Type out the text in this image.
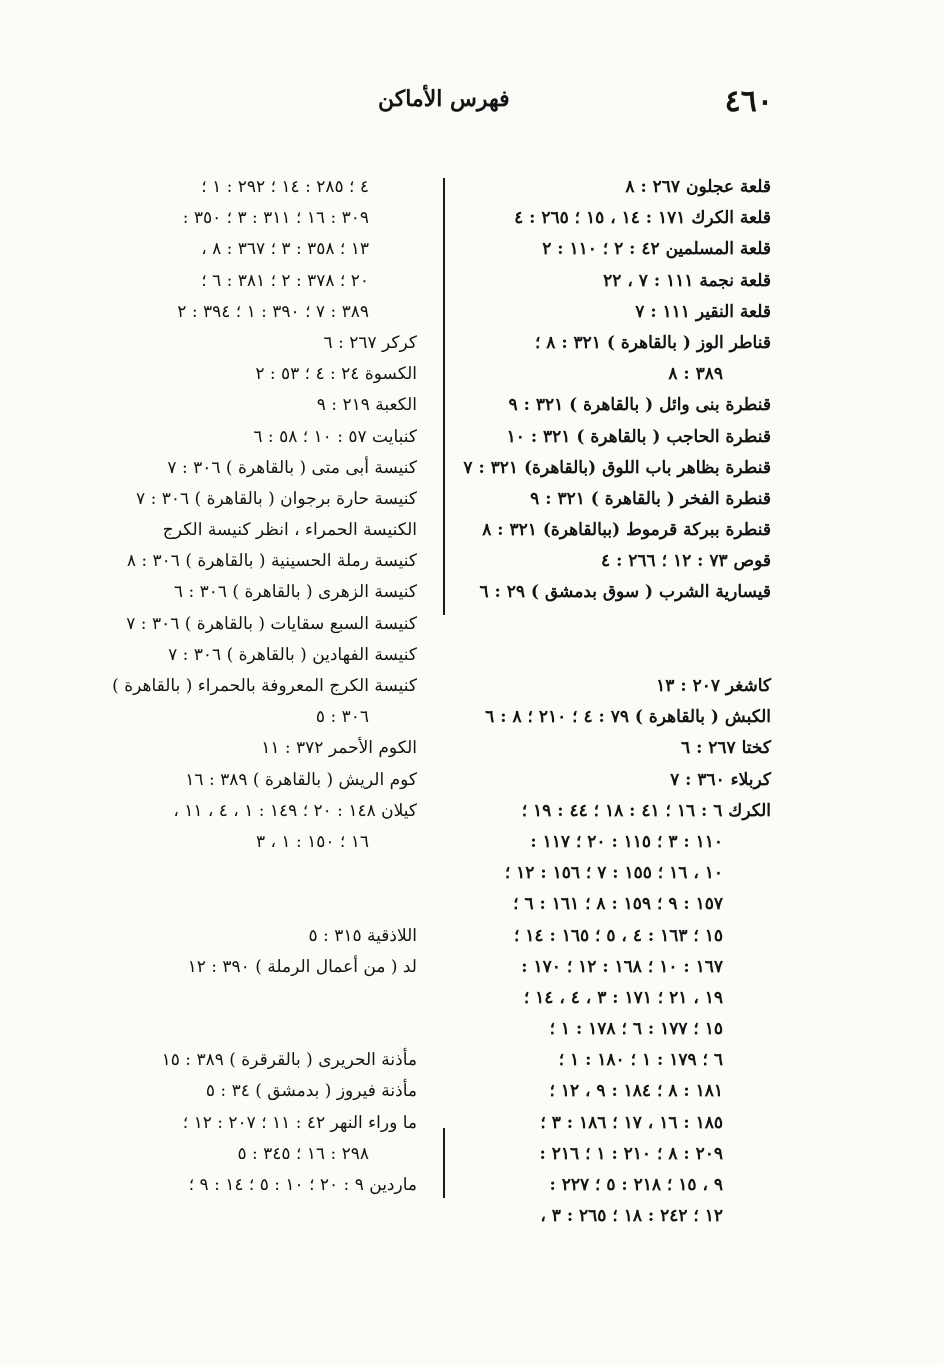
٤٦٠
فهرس الأماكن
قلعة عجلون ٢٦٧ : ٨
قلعة الكرك ١٧١ : ١٤ ، ١٥ ؛ ٢٦٥ : ٤
قلعة المسلمين ٤٢ : ٢ ؛ ١١٠ : ٢
قلعة نجمة ١١١ : ٧ ، ٢٢
قلعة النقير ١١١ : ٧
قناطر الوز ( بالقاهرة ) ٣٢١ : ٨ ؛
٣٨٩ : ٨
قنطرة بنى وائل ( بالقاهرة ) ٣٢١ : ٩
قنطرة الحاجب ( بالقاهرة ) ٣٢١ : ١٠
قنطرة بظاهر باب اللوق (بالقاهرة) ٣٢١ : ٧
قنطرة الفخر ( بالقاهرة ) ٣٢١ : ٩
قنطرة ببركة قرموط (ببالقاهرة) ٣٢١ : ٨
قوص ٧٣ : ١٢ ؛ ٢٦٦ : ٤
قيسارية الشرب ( سوق بدمشق ) ٢٩ : ٦
كاشغر ٢٠٧ : ١٣
الكبش ( بالقاهرة ) ٧٩ : ٤ ؛ ٢١٠ ؛ ٨ : ٦
كختا ٢٦٧ : ٦
كربلاء ٣٦٠ : ٧
الكرك ٦ : ١٦ ؛ ٤١ : ١٨ ؛ ٤٤ : ١٩ ؛
١١٠ : ٣ ؛ ١١٥ : ٢٠ ؛ ١١٧ :
١٠ ، ١٦ ؛ ١٥٥ : ٧ ؛ ١٥٦ : ١٢ ؛
١٥٧ : ٩ ؛ ١٥٩ : ٨ ؛ ١٦١ : ٦ ؛
١٥ ؛ ١٦٣ : ٤ ، ٥ ؛ ١٦٥ : ١٤ ؛
١٦٧ : ١٠ ؛ ١٦٨ : ١٢ ؛ ١٧٠ :
١٩ ، ٢١ ؛ ١٧١ : ٣ ، ٤ ، ١٤ ؛
١٥ ؛ ١٧٧ : ٦ ؛ ١٧٨ : ١ ؛
٦ ؛ ١٧٩ : ١ ؛ ١٨٠ : ١ ؛
١٨١ : ٨ ؛ ١٨٤ : ٩ ، ١٢ ؛
١٨٥ : ١٦ ، ١٧ ؛ ١٨٦ : ٣ ؛
٢٠٩ : ٨ ؛ ٢١٠ : ١ ؛ ٢١٦ :
٩ ، ١٥ ؛ ٢١٨ : ٥ ؛ ٢٢٧ :
١٢ ؛ ٢٤٢ : ١٨ ؛ ٢٦٥ : ٣ ،
٤ ؛ ٢٨٥ : ١٤ ؛ ٢٩٢ : ١ ؛
٣٠٩ : ١٦ ؛ ٣١١ : ٣ ؛ ٣٥٠ :
١٣ ؛ ٣٥٨ : ٣ ؛ ٣٦٧ : ٨ ،
٢٠ ؛ ٣٧٨ : ٢ ؛ ٣٨١ : ٦ ؛
٣٨٩ : ٧ ؛ ٣٩٠ : ١ ؛ ٣٩٤ : ٢
كركر ٢٦٧ : ٦
الكسوة ٢٤ : ٤ ؛ ٥٣ : ٢
الكعبة ٢١٩ : ٩
كنبايت ٥٧ : ١٠ ؛ ٥٨ : ٦
كنيسة أبى متى ( بالقاهرة ) ٣٠٦ : ٧
كنيسة حارة برجوان ( بالقاهرة ) ٣٠٦ : ٧
الكنيسة الحمراء ، انظر كنيسة الكرج
كنيسة رملة الحسينية ( بالقاهرة ) ٣٠٦ : ٨
كنيسة الزهرى ( بالقاهرة ) ٣٠٦ : ٦
كنيسة السبع سقايات ( بالقاهرة ) ٣٠٦ : ٧
كنيسة الفهادين ( بالقاهرة ) ٣٠٦ : ٧
كنيسة الكرج المعروفة بالحمراء ( بالقاهرة )
٣٠٦ : ٥
الكوم الأحمر ٣٧٢ : ١١
كوم الريش ( بالقاهرة ) ٣٨٩ : ١٦
كيلان ١٤٨ : ٢٠ ؛ ١٤٩ : ١ ، ٤ ، ١١ ،
١٦ ؛ ١٥٠ : ١ ، ٣
اللاذقية ٣١٥ : ٥
لد ( من أعمال الرملة ) ٣٩٠ : ١٢
مأذنة الحريرى ( بالقرقرة ) ٣٨٩ : ١٥
مأذنة فيروز ( بدمشق ) ٣٤ : ٥
ما وراء النهر ٤٢ : ١١ ؛ ٢٠٧ : ١٢ ؛
٢٩٨ : ١٦ ؛ ٣٤٥ : ٥
ماردين ٩ : ٢٠ ؛ ١٠ : ٥ ؛ ١٤ : ٩ ؛
